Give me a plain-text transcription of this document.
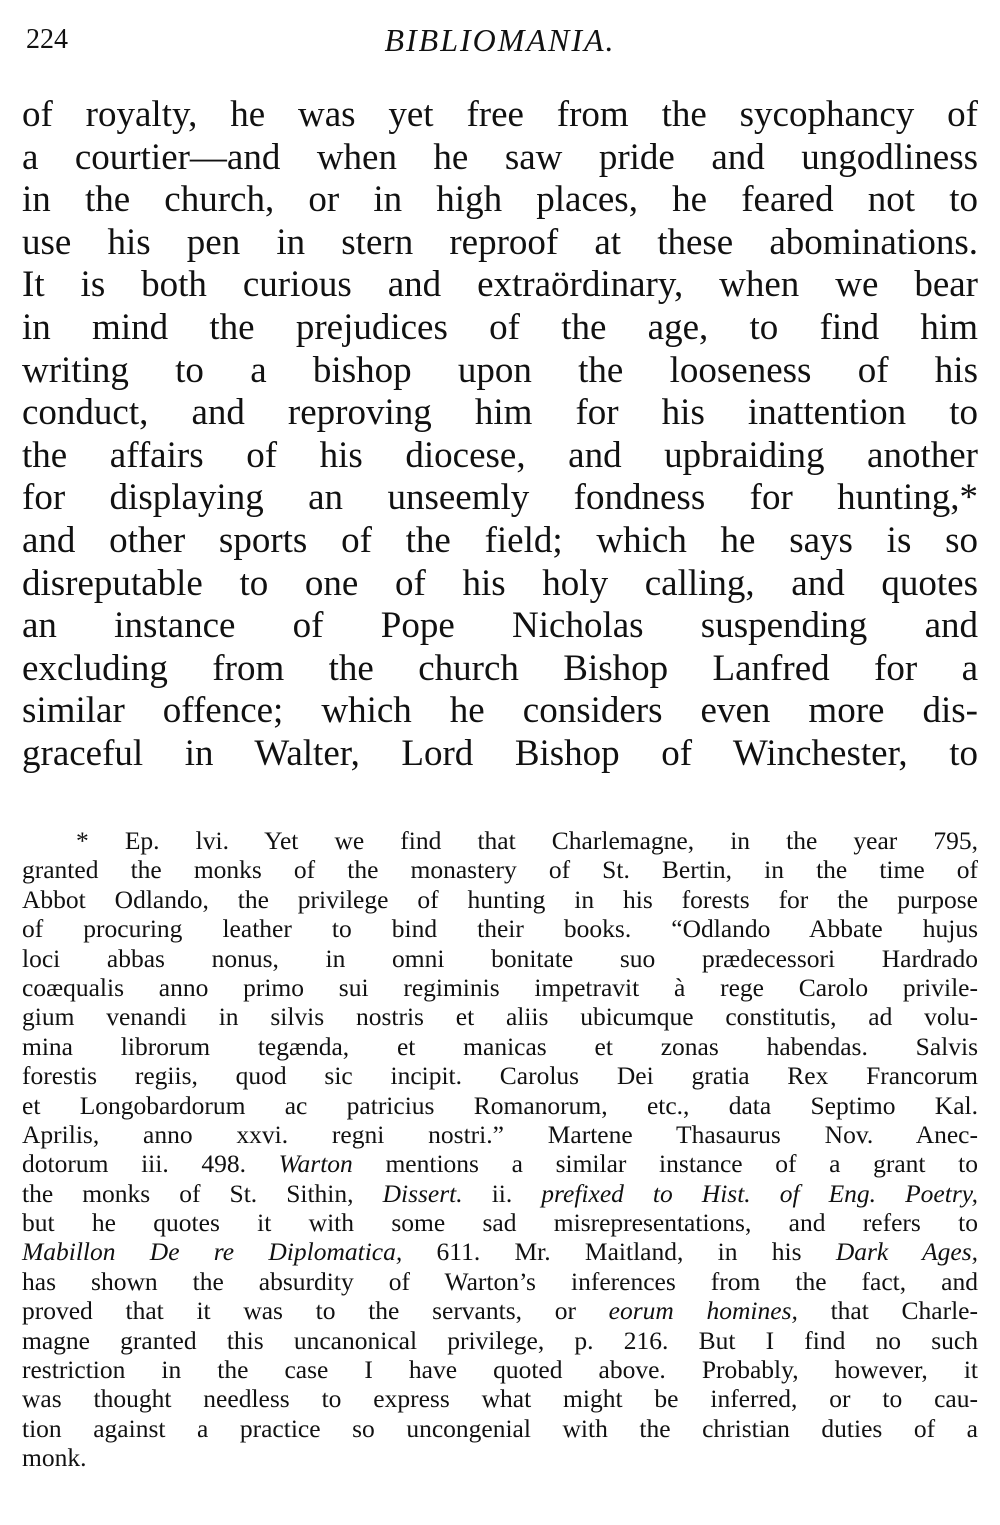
224	BIBLIOMANIA.
of royalty, he was yet free from the sycophancy of
a courtier—and when he saw pride and ungodliness
in the church, or in high places, he feared not to
use his pen in stern reproof at these abominations.
It is both curious and extraördinary, when we bear
in mind the prejudices of the age, to find him
writing to a bishop upon the looseness of his
conduct, and reproving him for his inattention to
the affairs of his diocese, and upbraiding another
for displaying an unseemly fondness for hunting,*
and other sports of the field; which he says is so
disreputable to one of his holy calling, and quotes
an instance of Pope Nicholas suspending and
excluding from the church Bishop Lanfred for a
similar offence; which he considers even more dis-
graceful in Walter, Lord Bishop of Winchester, to
* Ep. lvi. Yet we find that Charlemagne, in the year 795,
granted the monks of the monastery of St. Bertin, in the time of
Abbot Odlando, the privilege of hunting in his forests for the purpose
of procuring leather to bind their books. “Odlando Abbate hujus
loci abbas nonus, in omni bonitate suo prædecessori Hardrado
coæqualis anno primo sui regiminis impetravit à rege Carolo privile-
gium venandi in silvis nostris et aliis ubicumque constitutis, ad volu-
mina librorum tegænda, et manicas et zonas habendas. Salvis
forestis regiis, quod sic incipit. Carolus Dei gratia Rex Francorum
et Longobardorum ac patricius Romanorum, etc., data Septimo Kal.
Aprilis, anno xxvi. regni nostri.” Martene Thasaurus Nov. Anec-
dotorum iii. 498. Warton mentions a similar instance of a grant to
the monks of St. Sithin, Dissert. ii. prefixed to Hist. of Eng. Poetry,
but he quotes it with some sad misrepresentations, and refers to
Mabillon De re Diplomatica, 611. Mr. Maitland, in his Dark Ages,
has shown the absurdity of Warton’s inferences from the fact, and
proved that it was to the servants, or eorum homines, that Charle-
magne granted this uncanonical privilege, p. 216. But I find no such
restriction in the case I have quoted above. Probably, however, it
was thought needless to express what might be inferred, or to cau-
tion against a practice so uncongenial with the christian duties of a
monk.
